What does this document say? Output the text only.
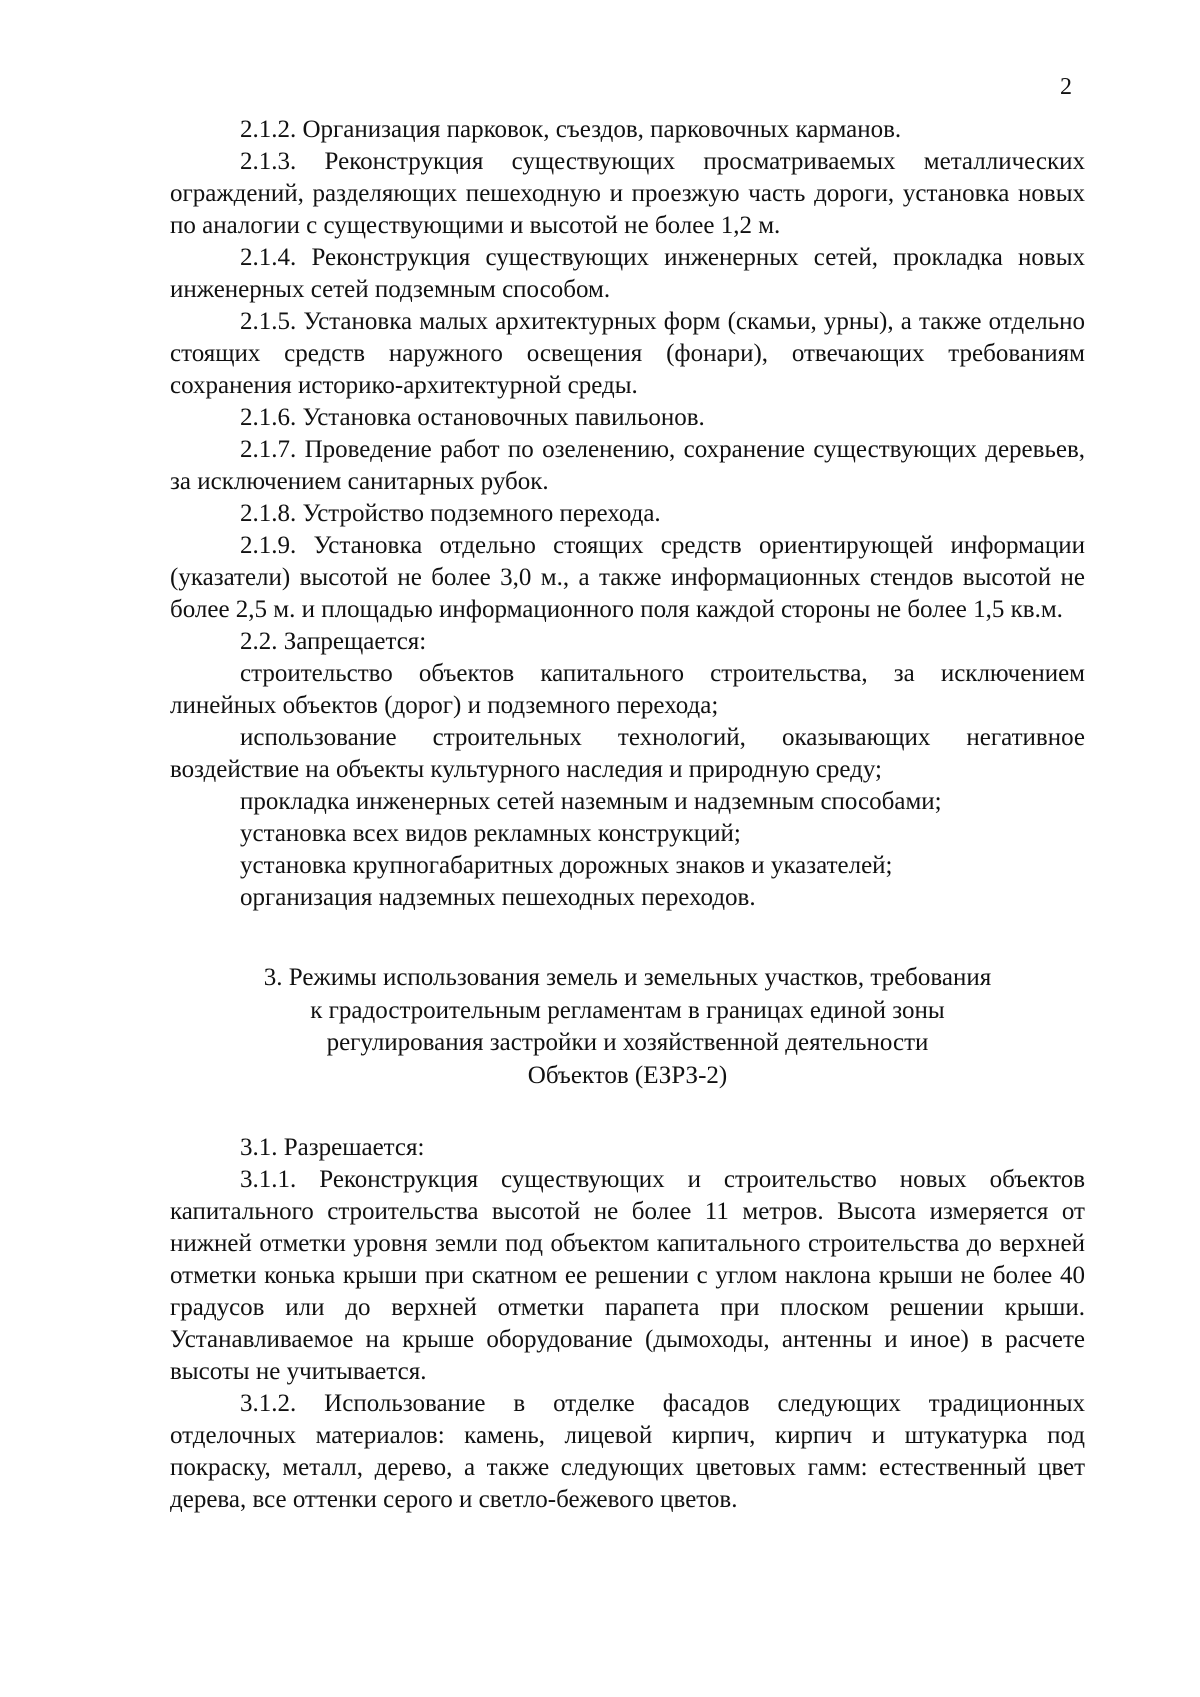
2

2.1.2. Организация парковок, съездов, парковочных карманов.

2.1.3. Реконструкция существующих просматриваемых металлических ограждений, разделяющих пешеходную и проезжую часть дороги, установка новых по аналогии с существующими и высотой не более 1,2 м.

2.1.4. Реконструкция существующих инженерных сетей, прокладка новых инженерных сетей подземным способом.

2.1.5. Установка малых архитектурных форм (скамьи, урны), а также отдельно стоящих средств наружного освещения (фонари), отвечающих требованиям сохранения историко-архитектурной среды.

2.1.6. Установка остановочных павильонов.

2.1.7. Проведение работ по озеленению, сохранение существующих деревьев, за исключением санитарных рубок.

2.1.8. Устройство подземного перехода.

2.1.9. Установка отдельно стоящих средств ориентирующей информации (указатели) высотой не более 3,0 м., а также информационных стендов высотой не более 2,5 м. и площадью информационного поля каждой стороны не более 1,5 кв.м.

2.2. Запрещается:

строительство объектов капитального строительства, за исключением линейных объектов (дорог) и подземного перехода;

использование строительных технологий, оказывающих негативное воздействие на объекты культурного наследия и природную среду;

прокладка инженерных сетей наземным и надземным способами;

установка всех видов рекламных конструкций;

установка крупногабаритных дорожных знаков и указателей;

организация надземных пешеходных переходов.

3. Режимы использования земель и земельных участков, требования
к градостроительным регламентам в границах единой зоны
регулирования застройки и хозяйственной деятельности
Объектов (ЕЗРЗ-2)

3.1. Разрешается:

3.1.1. Реконструкция существующих и строительство новых объектов капитального строительства высотой не более 11 метров. Высота измеряется от нижней отметки уровня земли под объектом капитального строительства до верхней отметки конька крыши при скатном ее решении с углом наклона крыши не более 40 градусов или до верхней отметки парапета при плоском решении крыши. Устанавливаемое на крыше оборудование (дымоходы, антенны и иное) в расчете высоты не учитывается.

3.1.2. Использование в отделке фасадов следующих традиционных отделочных материалов: камень, лицевой кирпич, кирпич и штукатурка под покраску, металл, дерево, а также следующих цветовых гамм: естественный цвет дерева, все оттенки серого и светло-бежевого цветов.
